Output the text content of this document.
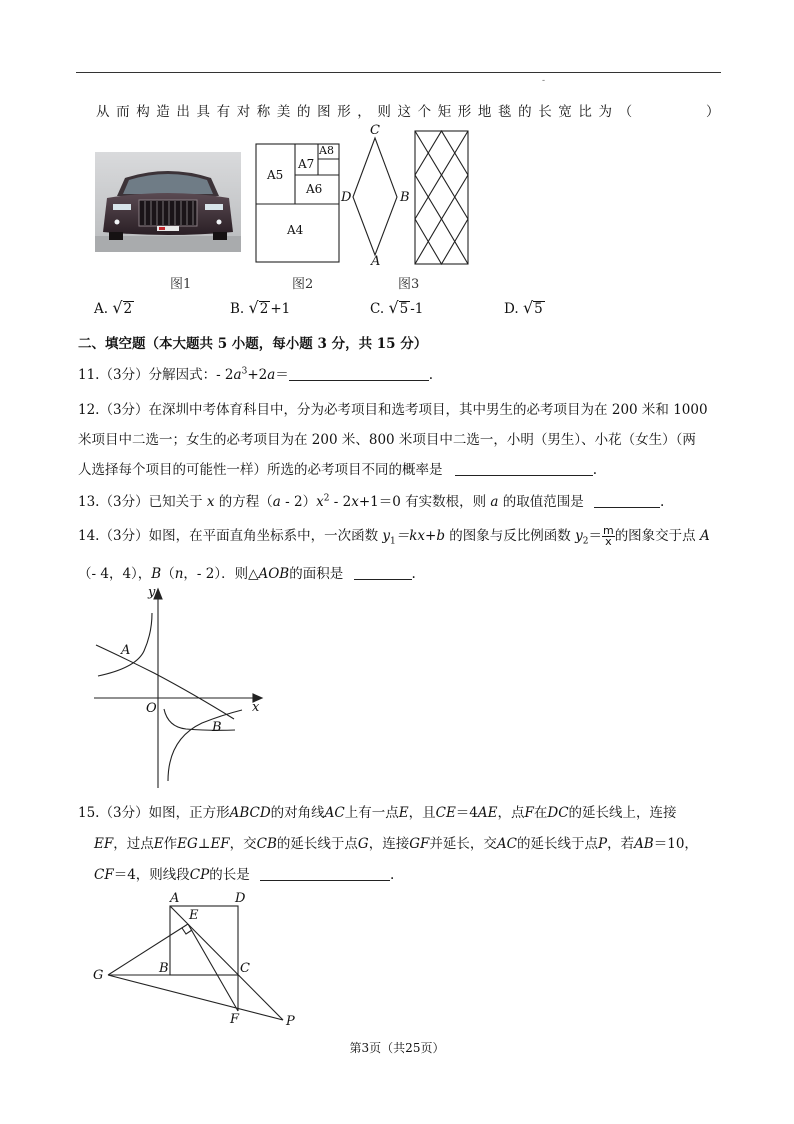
-
从而构造出具有对称美的图形，则这个矩形地毯的长宽比为（	）
图1
A5
A7
A8
A6
A4
图2
C
D	B
A
图3
A. √2	B. √2 +1	C. √5 -1	D. √5
二、填空题（本大题共 5 小题，每小题 3 分，共 15 分）
11.（3分）分解因式：- $2a^3+2a=$	.
12.（3分）在深圳中考体育科目中，分为必考项目和选考项目，其中男生的必考项目为在 200 米和 1000
米项目中二选一；女生的必考项目为在 200 米、800 米项目中二选一，小明（男生）、小花（女生）（两
人选择每个项目的可能性一样）所选的必考项目不同的概率是	.
13.（3分）已知关于 x 的方程$(a - 2)x^2 - 2x+1=0$ 有实数根，则 a 的取值范围是	.
14.（3分）如图，在平面直角坐标系中，一次函数 $y_1=kx+b$ 的图象与反比例函数 $y_2= \frac{m}{x}$ 的图象交于点 A
（- 4，4），B（n，- 2）．则△AOB的面积是	.
y
x
O
A
B
15.（3分）如图，正方形ABCD的对角线AC上有一点E，且CE＝4AE，点F在DC的延长线上，连接
EF，过点E作EG⊥EF，交CB的延长线于点G，连接GF并延长，交AC的延长线于点P，若AB＝10，
CF＝4，则线段CP的长是	.
A	D
E
B	C
G
F	P
第3页（共25页）
